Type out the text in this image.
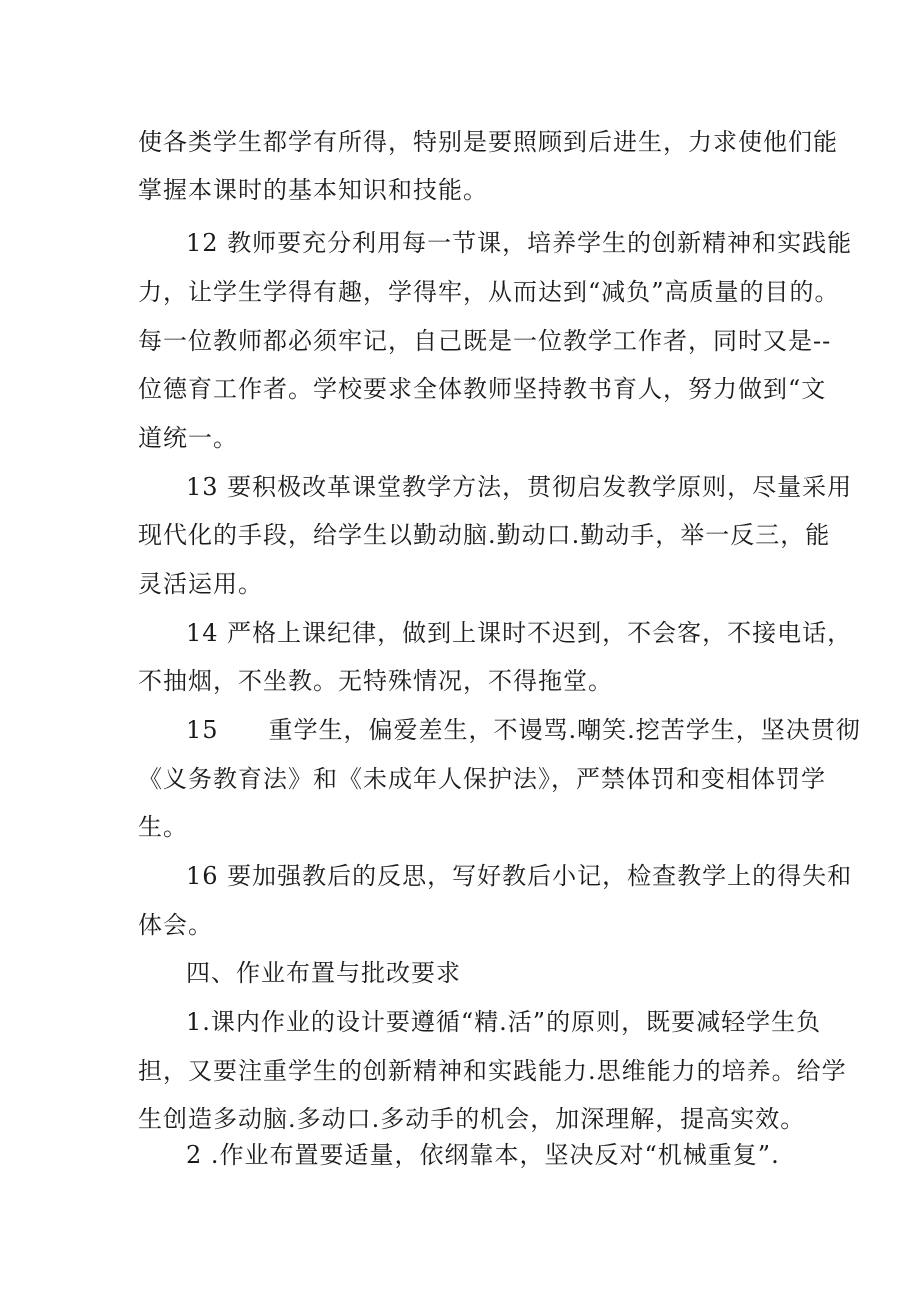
使各类学生都学有所得，特别是要照顾到后进生，力求使他们能
掌握本课时的基本知识和技能。
12 教师要充分利用每一节课，培养学生的创新精神和实践能
力，让学生学得有趣，学得牢，从而达到“减负”高质量的目的。
每一位教师都必须牢记，自己既是一位教学工作者，同时又是--
位德育工作者。学校要求全体教师坚持教书育人，努力做到“文
道统一。
13 要积极改革课堂教学方法，贯彻启发教学原则，尽量采用
现代化的手段，给学生以勤动脑.勤动口.勤动手，举一反三，能
灵活运用。
14 严格上课纪律，做到上课时不迟到，不会客，不接电话，
不抽烟，不坐教。无特殊情况，不得拖堂。
15　　重学生，偏爱差生，不谩骂.嘲笑.挖苦学生，坚决贯彻
《义务教育法》和《未成年人保护法》，严禁体罚和变相体罚学
生。
16 要加强教后的反思，写好教后小记，检查教学上的得失和
体会。
四、作业布置与批改要求
1.课内作业的设计要遵循“精.活”的原则，既要减轻学生负
担，又要注重学生的创新精神和实践能力.思维能力的培养。给学
生创造多动脑.多动口.多动手的机会，加深理解，提高实效。
2 .作业布置要适量，依纲靠本，坚决反对“机械重复”.
